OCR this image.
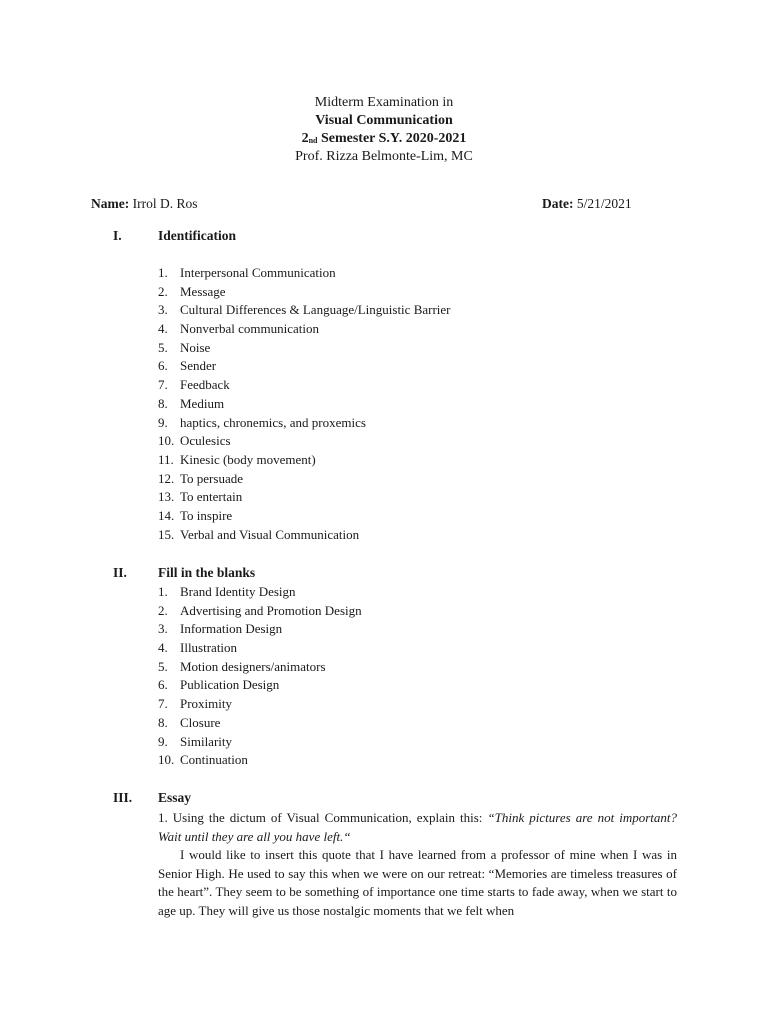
Midterm Examination in
Visual Communication
2nd Semester S.Y. 2020-2021
Prof. Rizza Belmonte-Lim, MC
Name: Irrol D. Ros	Date: 5/21/2021
I.	Identification
1. Interpersonal Communication
2. Message
3. Cultural Differences & Language/Linguistic Barrier
4. Nonverbal communication
5. Noise
6. Sender
7. Feedback
8. Medium
9. haptics, chronemics, and proxemics
10. Oculesics
11. Kinesic (body movement)
12. To persuade
13. To entertain
14. To inspire
15. Verbal and Visual Communication
II. Fill in the blanks
1. Brand Identity Design
2. Advertising and Promotion Design
3. Information Design
4. Illustration
5. Motion designers/animators
6. Publication Design
7. Proximity
8. Closure
9. Similarity
10. Continuation
III. Essay

1. Using the dictum of Visual Communication, explain this: “Think pictures are not important? Wait until they are all you have left.“

I would like to insert this quote that I have learned from a professor of mine when I was in Senior High. He used to say this when we were on our retreat: “Memories are timeless treasures of the heart”. They seem to be something of importance one time starts to fade away, when we start to age up. They will give us those nostalgic moments that we felt when
